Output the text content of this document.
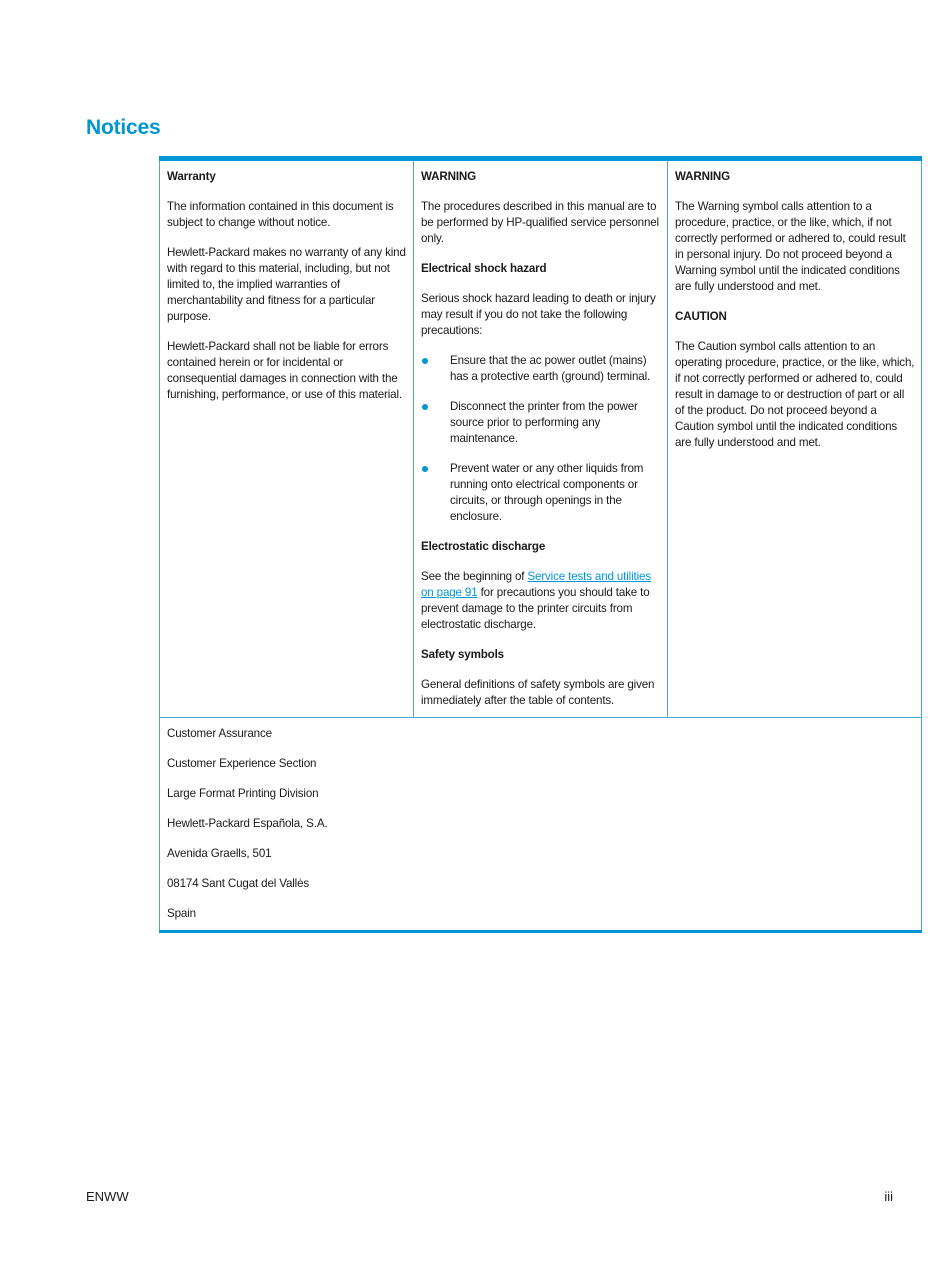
Notices
Warranty

The information contained in this document is subject to change without notice.

Hewlett-Packard makes no warranty of any kind with regard to this material, including, but not limited to, the implied warranties of merchantability and fitness for a particular purpose.

Hewlett-Packard shall not be liable for errors contained herein or for incidental or consequential damages in connection with the furnishing, performance, or use of this material.

WARNING

The procedures described in this manual are to be performed by HP-qualified service personnel only.

Electrical shock hazard

Serious shock hazard leading to death or injury may result if you do not take the following precautions:

Ensure that the ac power outlet (mains) has a protective earth (ground) terminal.
Disconnect the printer from the power source prior to performing any maintenance.
Prevent water or any other liquids from running onto electrical components or circuits, or through openings in the enclosure.
Electrostatic discharge

See the beginning of Service tests and utilities on page 91 for precautions you should take to prevent damage to the printer circuits from electrostatic discharge.

Safety symbols

General definitions of safety symbols are given immediately after the table of contents.

WARNING

The Warning symbol calls attention to a procedure, practice, or the like, which, if not correctly performed or adhered to, could result in personal injury. Do not proceed beyond a Warning symbol until the indicated conditions are fully understood and met.

CAUTION

The Caution symbol calls attention to an operating procedure, practice, or the like, which, if not correctly performed or adhered to, could result in damage to or destruction of part or all of the product. Do not proceed beyond a Caution symbol until the indicated conditions are fully understood and met.

Customer Assurance

Customer Experience Section

Large Format Printing Division

Hewlett-Packard Española, S.A.

Avenida Graells, 501

08174 Sant Cugat del Vallės

Spain

ENWW	iii
